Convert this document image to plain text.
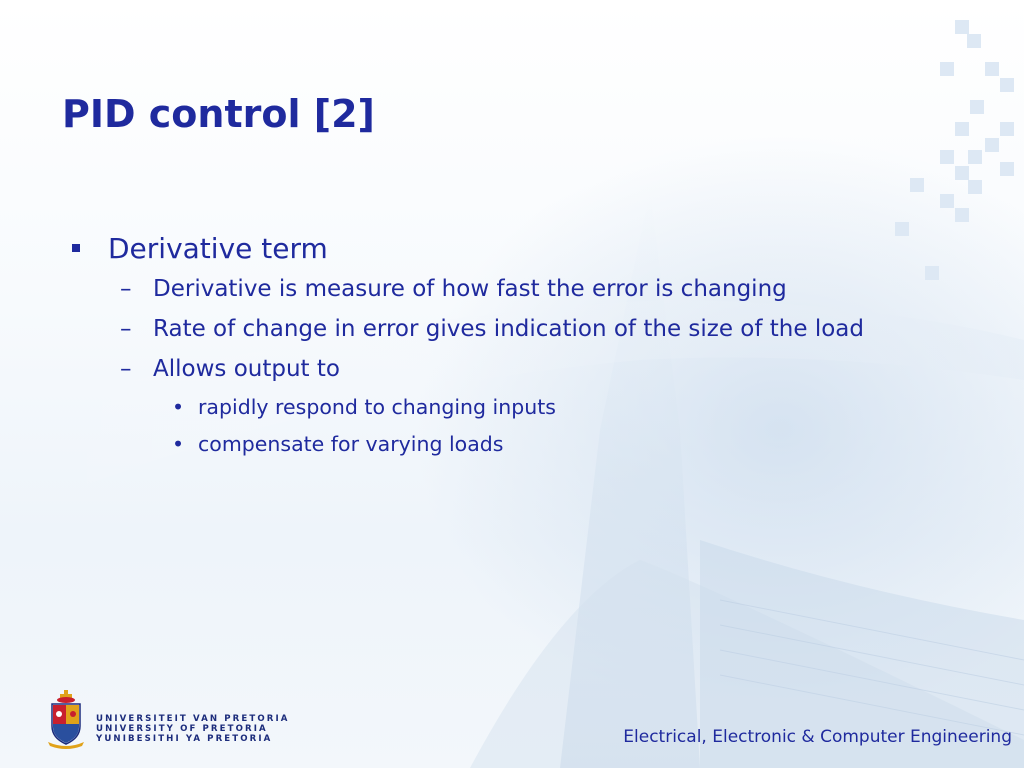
PID control [2]
Derivative term
– Derivative is measure of how fast the error is changing
– Rate of change in error gives indication of the size of the load
– Allows output to
• rapidly respond to changing inputs
• compensate for varying loads
UNIVERSITEIT VAN PRETORIA
UNIVERSITY OF PRETORIA
YUNIBESITHI YA PRETORIA	Electrical, Electronic & Computer Engineering
